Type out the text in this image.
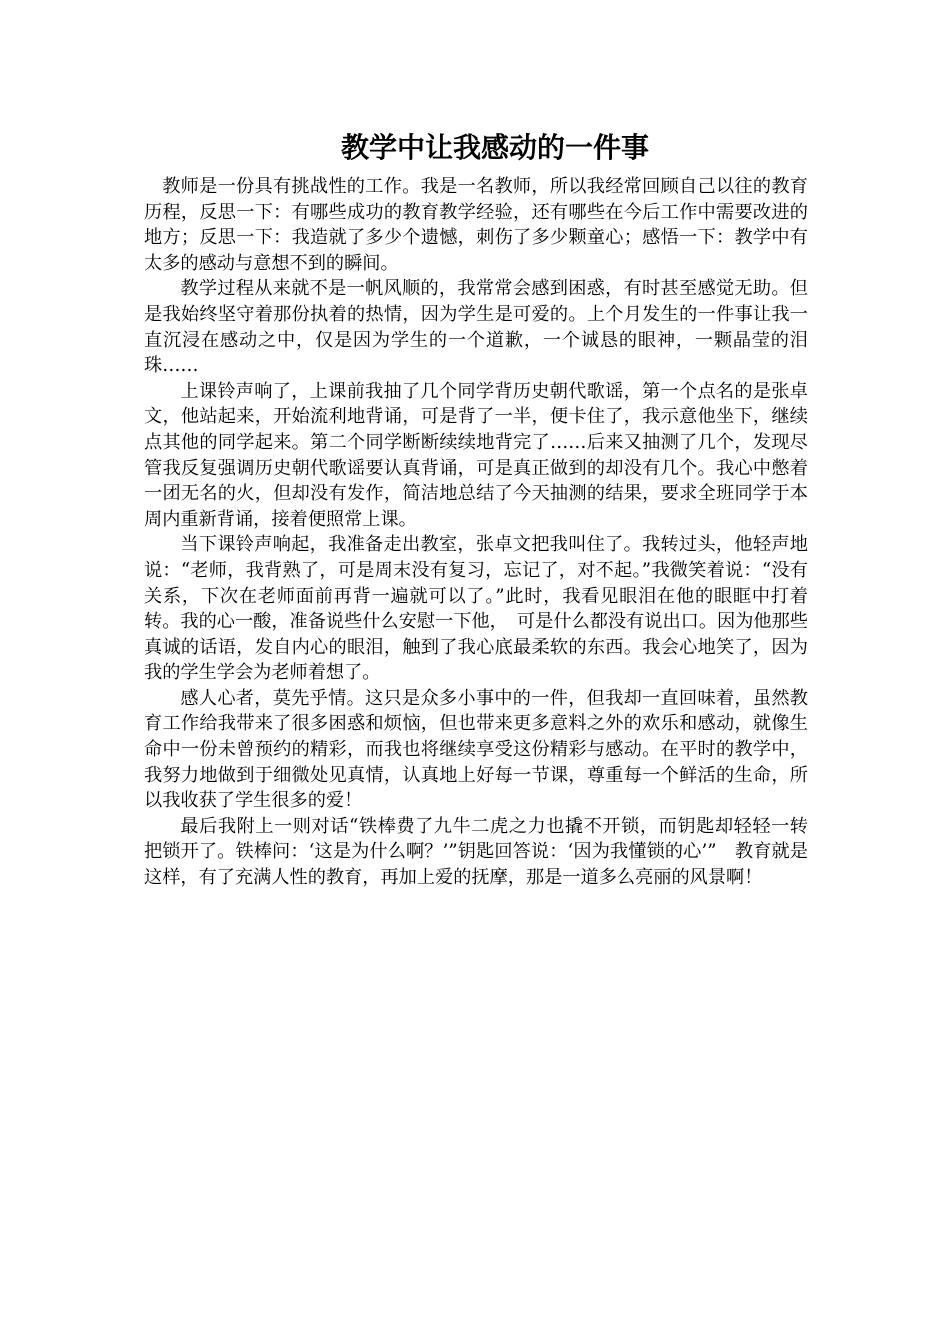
教学中让我感动的一件事

教师是一份具有挑战性的工作。我是一名教师，所以我经常回顾自己以往的教育历程，反思一下：有哪些成功的教育教学经验，还有哪些在今后工作中需要改进的地方；反思一下：我造就了多少个遗憾，刺伤了多少颗童心；感悟一下：教学中有太多的感动与意想不到的瞬间。

教学过程从来就不是一帆风顺的，我常常会感到困惑，有时甚至感觉无助。但是我始终坚守着那份执着的热情，因为学生是可爱的。上个月发生的一件事让我一直沉浸在感动之中，仅是因为学生的一个道歉，一个诚恳的眼神，一颗晶莹的泪珠……

上课铃声响了，上课前我抽了几个同学背历史朝代歌谣，第一个点名的是张卓文，他站起来，开始流利地背诵，可是背了一半，便卡住了，我示意他坐下，继续点其他的同学起来。第二个同学断断续续地背完了……后来又抽测了几个，发现尽管我反复强调历史朝代歌谣要认真背诵，可是真正做到的却没有几个。我心中憋着一团无名的火，但却没有发作，简洁地总结了今天抽测的结果，要求全班同学于本周内重新背诵，接着便照常上课。

当下课铃声响起，我准备走出教室，张卓文把我叫住了。我转过头，他轻声地说：“老师，我背熟了，可是周末没有复习，忘记了，对不起。”我微笑着说：“没有关系，下次在老师面前再背一遍就可以了。”此时，我看见眼泪在他的眼眶中打着转。我的心一酸，准备说些什么安慰一下他，　可是什么都没有说出口。因为他那些真诚的话语，发自内心的眼泪，触到了我心底最柔软的东西。我会心地笑了，因为我的学生学会为老师着想了。

感人心者，莫先乎情。这只是众多小事中的一件，但我却一直回味着，虽然教育工作给我带来了很多困惑和烦恼，但也带来更多意料之外的欢乐和感动，就像生命中一份未曾预约的精彩，而我也将继续享受这份精彩与感动。在平时的教学中，我努力地做到于细微处见真情，认真地上好每一节课，尊重每一个鲜活的生命，所以我收获了学生很多的爱！

最后我附上一则对话“铁棒费了九牛二虎之力也撬不开锁，而钥匙却轻轻一转把锁开了。铁棒问：‘这是为什么啊？’”钥匙回答说：‘因为我懂锁的心’”　教育就是这样，有了充满人性的教育，再加上爱的抚摩，那是一道多么亮丽的风景啊！
